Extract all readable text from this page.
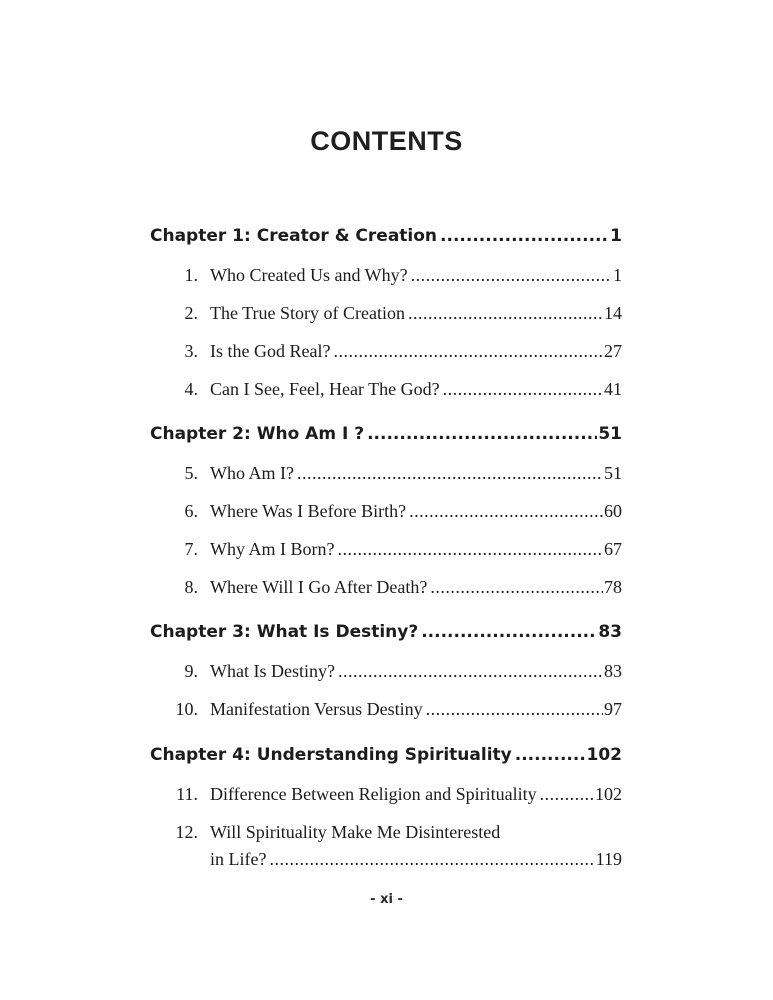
CONTENTS
Chapter 1: Creator & Creation .....	1
1. Who Created Us and Why? .....	1
2. The True Story of Creation .....	14
3. Is the God Real? .....	27
4. Can I See, Feel, Hear The God? .....	41
Chapter 2: Who Am I ? .....	51
5. Who Am I? .....	51
6. Where Was I Before Birth? .....	60
7. Why Am I Born? .....	67
8. Where Will I Go After Death? .....	78
Chapter 3: What Is Destiny? .....	83
9. What Is Destiny? .....	83
10. Manifestation Versus Destiny .....	97
Chapter 4: Understanding Spirituality .....	102
11. Difference Between Religion and Spirituality .....	102
12. Will Spirituality Make Me Disinterested
in Life? .....	119
- xi -
